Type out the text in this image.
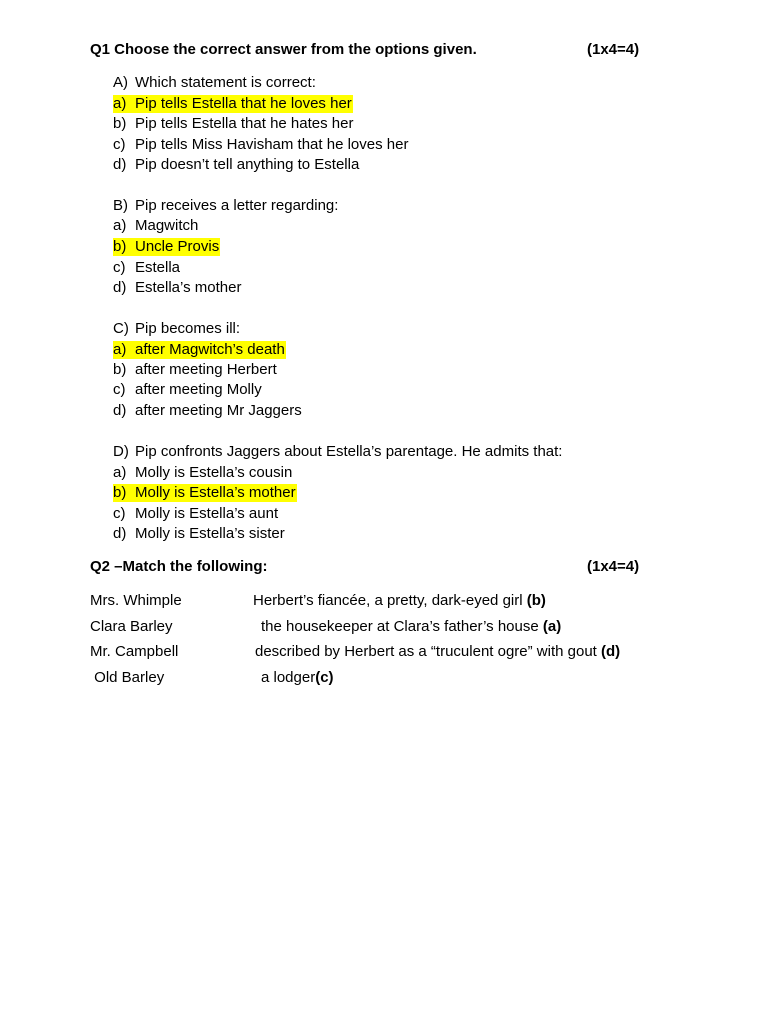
Q1 Choose the correct answer from the options given.	(1x4=4)
A) Which statement is correct:
a) Pip tells Estella that he loves her
b) Pip tells Estella that he hates her
c) Pip tells Miss Havisham that he loves her
d) Pip doesn’t tell anything to Estella
B) Pip receives a letter regarding:
a) Magwitch
b) Uncle Provis
c) Estella
d) Estella’s mother
C) Pip becomes ill:
a) after Magwitch’s death
b) after meeting Herbert
c) after meeting Molly
d) after meeting Mr Jaggers
D) Pip confronts Jaggers about Estella’s parentage. He admits that:
a) Molly is Estella’s cousin
b) Molly is Estella’s mother
c) Molly is Estella’s aunt
d) Molly is Estella’s sister
Q2 –Match the following:	(1x4=4)
Mrs. Whimple	Herbert’s fiancée, a pretty, dark-eyed girl (b)
Clara Barley	the housekeeper at Clara’s father’s house (a)
Mr. Campbell	described by Herbert as a “truculent ogre” with gout (d)
Old Barley	a lodger(c)
